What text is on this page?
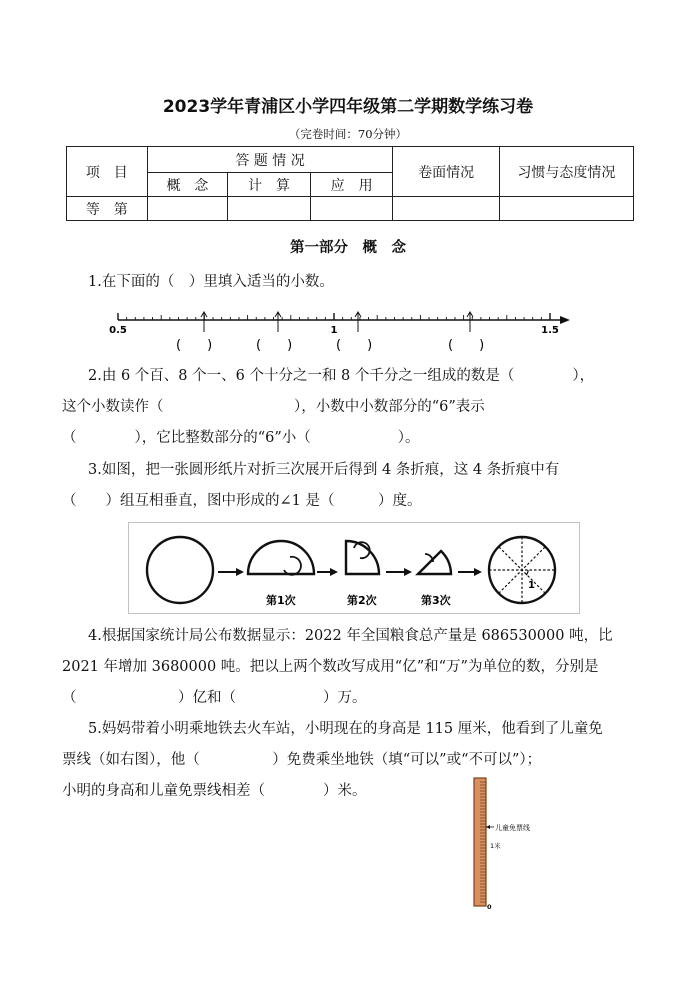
2023学年青浦区小学四年级第二学期数学练习卷
（完卷时间：70分钟）
项　目	答 题 情 况			卷面情况	习惯与态度情况
	概　念	计　算	应　用		
等　第					
第一部分　概　念
1.在下面的（　）里填入适当的小数。
0.5	1	1.5
(　　)	(　　)	(　　)	(　　)
2.由 6 个百、8 个一、6 个十分之一和 8 个千分之一组成的数是（　　　　），
这个小数读作（　　　　　　　　　），小数中小数部分的“6”表示
（　　　　），它比整数部分的“6”小（　　　　　　）。
3.如图，把一张圆形纸片对折三次展开后得到 4 条折痕，这 4 条折痕中有
（　　）组互相垂直，图中形成的∠1 是（　　　）度。
1
第1次	第2次	第3次
4.根据国家统计局公布数据显示：2022 年全国粮食总产量是 686530000 吨，比
2021 年增加 3680000 吨。把以上两个数改写成用“亿”和“万”为单位的数，分别是
（　　　　　　　）亿和（　　　　　　）万。
5.妈妈带着小明乘地铁去火车站，小明现在的身高是 115 厘米，他看到了儿童免
票线（如右图），他（　　　　　）免费乘坐地铁（填“可以”或“不可以”）；
小明的身高和儿童免票线相差（　　　　）米。
儿童免票线
1米
0
